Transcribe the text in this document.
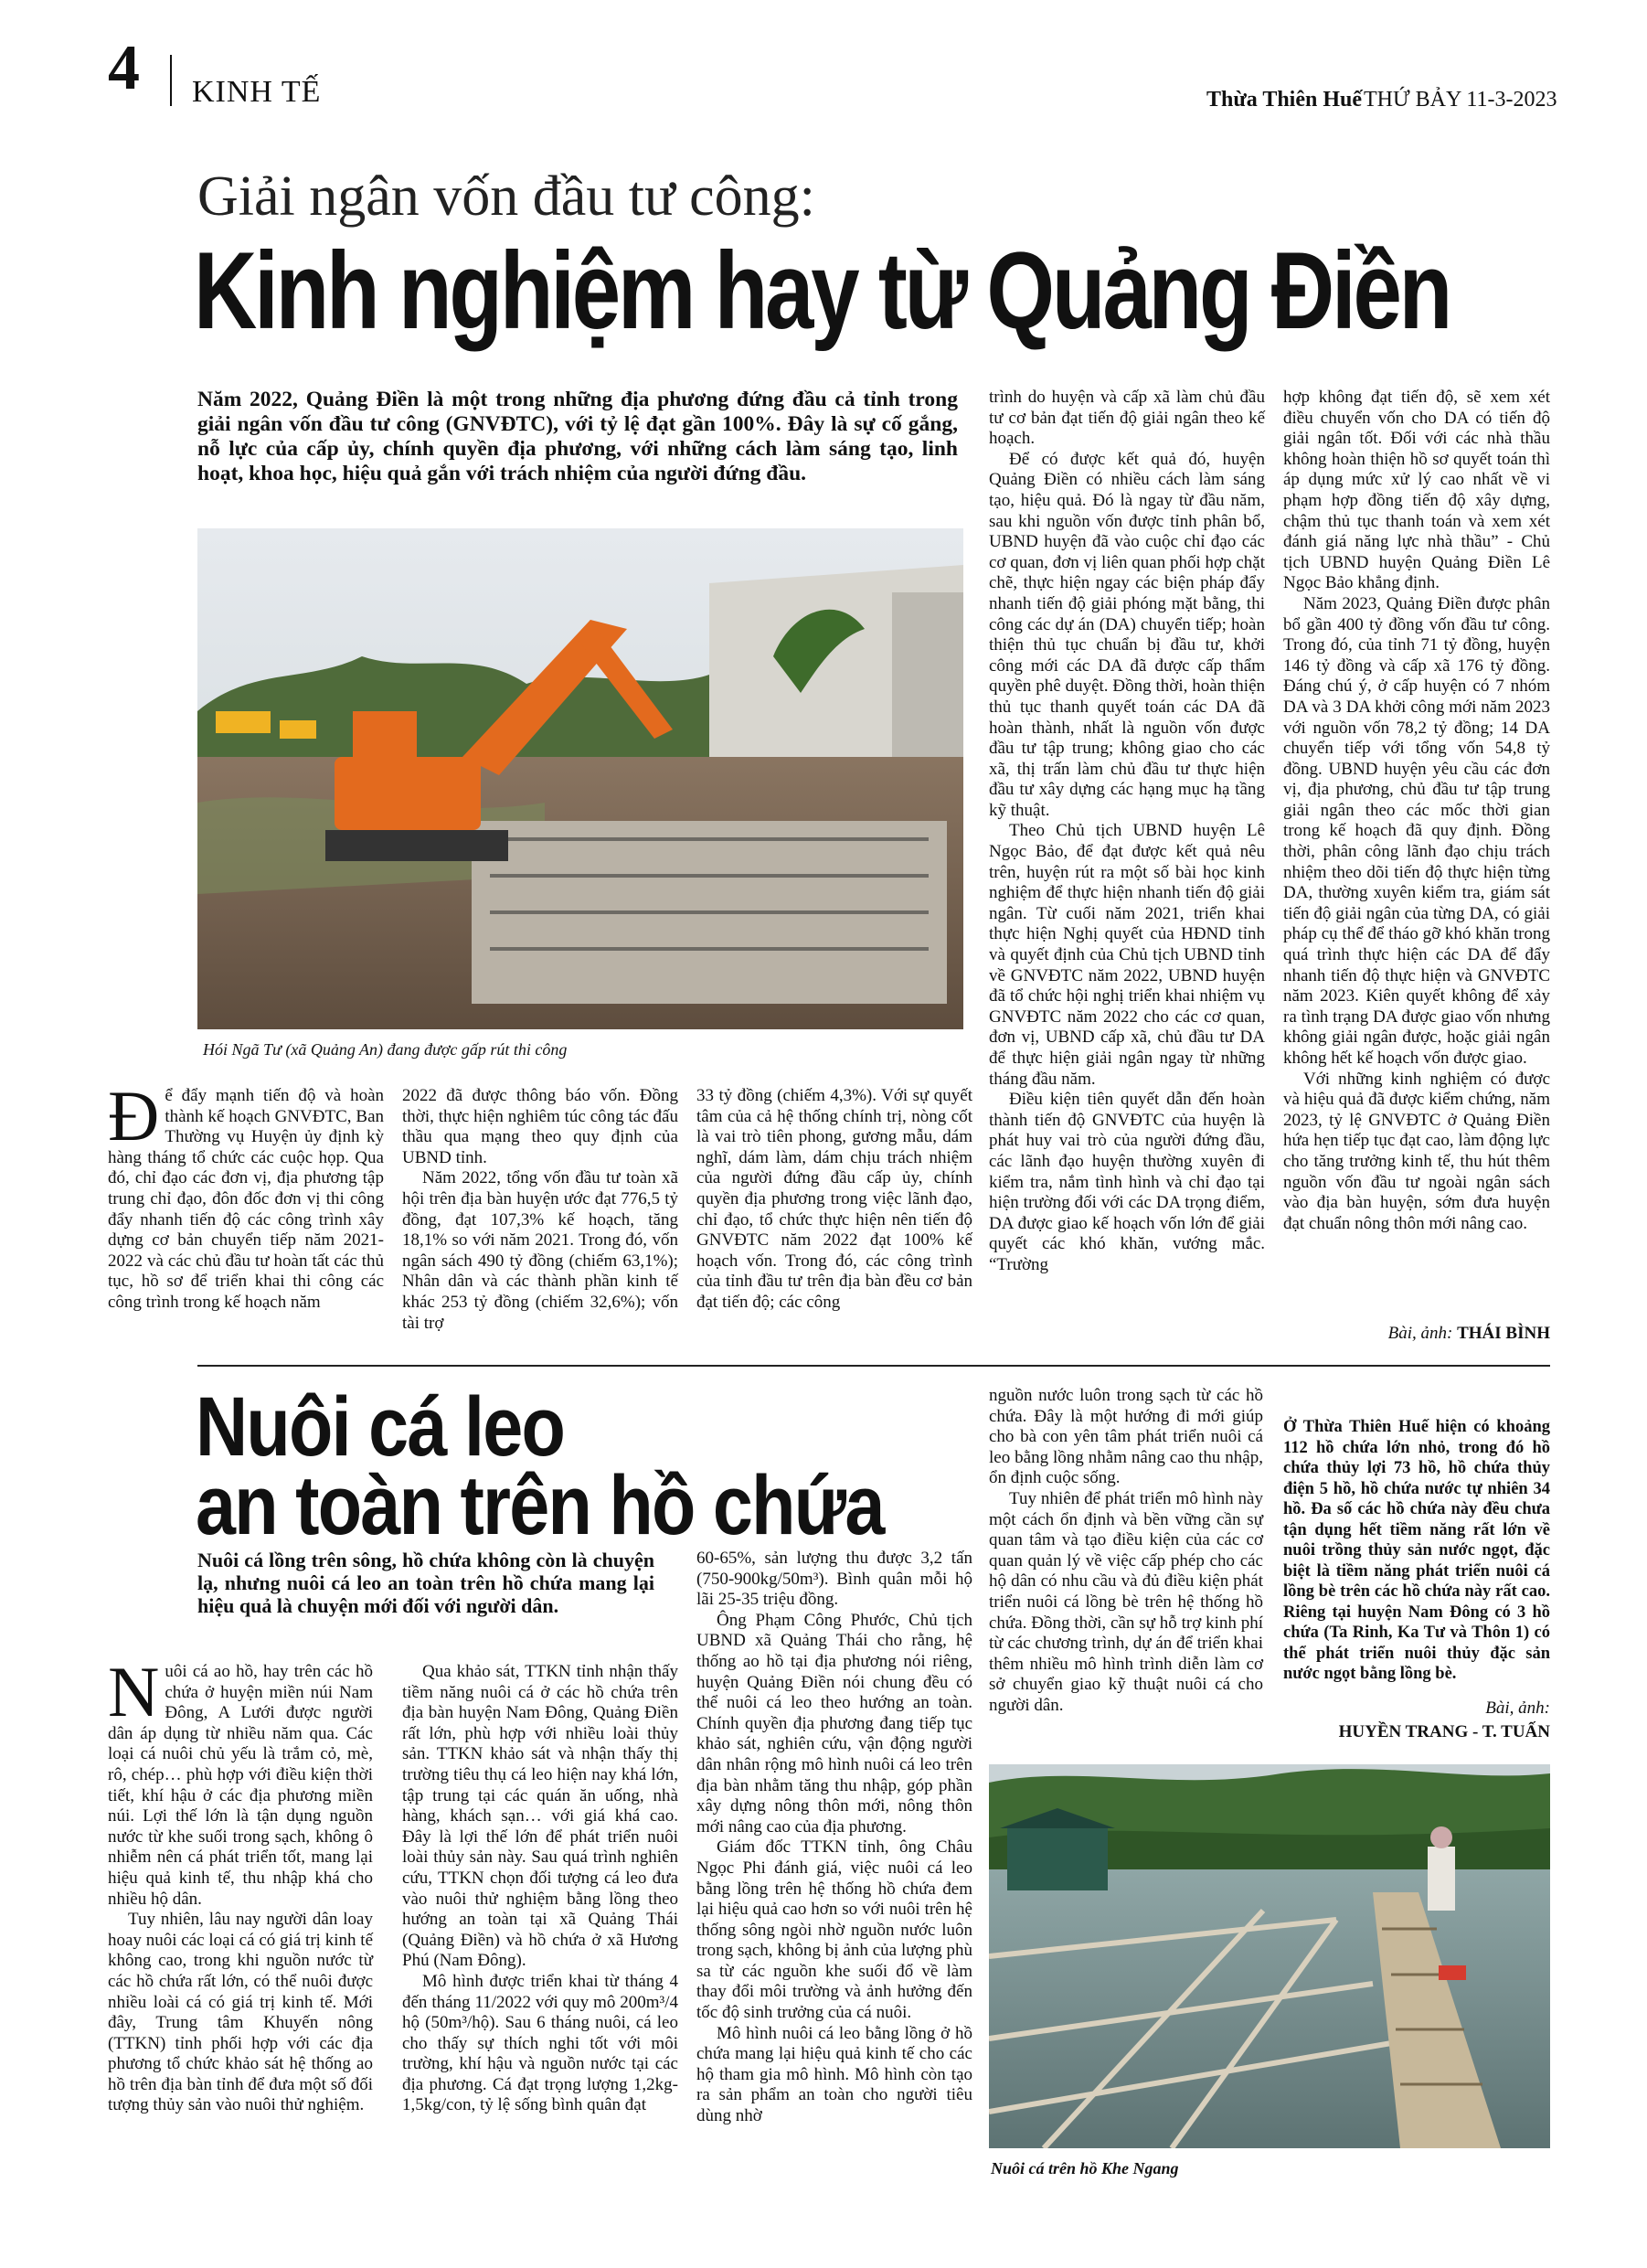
4 KINH TẾ	Thừa Thiên Huế THỨ BẢY 11-3-2023
Giải ngân vốn đầu tư công:
Kinh nghiệm hay từ Quảng Điền
Năm 2022, Quảng Điền là một trong những địa phương đứng đầu cả tỉnh trong giải ngân vốn đầu tư công (GNVĐTC), với tỷ lệ đạt gần 100%. Đây là sự cố gắng, nỗ lực của cấp ủy, chính quyền địa phương, với những cách làm sáng tạo, linh hoạt, khoa học, hiệu quả gắn với trách nhiệm của người đứng đầu.
Hói Ngã Tư (xã Quảng An) đang được gấp rút thi công

Để đẩy mạnh tiến độ và hoàn thành kế hoạch GNVĐTC, Ban Thường vụ Huyện ủy định kỳ hàng tháng tổ chức các cuộc họp. Qua đó, chỉ đạo các đơn vị, địa phương tập trung chỉ đạo, đôn đốc đơn vị thi công đẩy nhanh tiến độ các công trình xây dựng cơ bản chuyển tiếp năm 2021-2022 và các chủ đầu tư hoàn tất các thủ tục, hồ sơ để triển khai thi công các công trình trong kế hoạch năm

2022 đã được thông báo vốn. Đồng thời, thực hiện nghiêm túc công tác đấu thầu qua mạng theo quy định của UBND tỉnh.

Năm 2022, tổng vốn đầu tư toàn xã hội trên địa bàn huyện ước đạt 776,5 tỷ đồng, đạt 107,3% kế hoạch, tăng 18,1% so với năm 2021. Trong đó, vốn ngân sách 490 tỷ đồng (chiếm 63,1%); Nhân dân và các thành phần kinh tế khác 253 tỷ đồng (chiếm 32,6%); vốn tài trợ

33 tỷ đồng (chiếm 4,3%). Với sự quyết tâm của cả hệ thống chính trị, nòng cốt là vai trò tiên phong, gương mẫu, dám nghĩ, dám làm, dám chịu trách nhiệm của người đứng đầu cấp ủy, chính quyền địa phương trong việc lãnh đạo, chỉ đạo, tổ chức thực hiện nên tiến độ GNVĐTC năm 2022 đạt 100% kế hoạch vốn. Trong đó, các công trình của tỉnh đầu tư trên địa bàn đều cơ bản đạt tiến độ; các công

trình do huyện và cấp xã làm chủ đầu tư cơ bản đạt tiến độ giải ngân theo kế hoạch.

Để có được kết quả đó, huyện Quảng Điền có nhiều cách làm sáng tạo, hiệu quả. Đó là ngay từ đầu năm, sau khi nguồn vốn được tỉnh phân bổ, UBND huyện đã vào cuộc chỉ đạo các cơ quan, đơn vị liên quan phối hợp chặt chẽ, thực hiện ngay các biện pháp đẩy nhanh tiến độ giải phóng mặt bằng, thi công các dự án (DA) chuyển tiếp; hoàn thiện thủ tục chuẩn bị đầu tư, khởi công mới các DA đã được cấp thẩm quyền phê duyệt. Đồng thời, hoàn thiện thủ tục thanh quyết toán các DA đã hoàn thành, nhất là nguồn vốn được đầu tư tập trung; không giao cho các xã, thị trấn làm chủ đầu tư thực hiện đầu tư xây dựng các hạng mục hạ tầng kỹ thuật.

Theo Chủ tịch UBND huyện Lê Ngọc Bảo, để đạt được kết quả nêu trên, huyện rút ra một số bài học kinh nghiệm để thực hiện nhanh tiến độ giải ngân. Từ cuối năm 2021, triển khai thực hiện Nghị quyết của HĐND tỉnh và quyết định của Chủ tịch UBND tỉnh về GNVĐTC năm 2022, UBND huyện đã tổ chức hội nghị triển khai nhiệm vụ GNVĐTC năm 2022 cho các cơ quan, đơn vị, UBND cấp xã, chủ đầu tư DA để thực hiện giải ngân ngay từ những tháng đầu năm.

Điều kiện tiên quyết dẫn đến hoàn thành tiến độ GNVĐTC của huyện là phát huy vai trò của người đứng đầu, các lãnh đạo huyện thường xuyên đi kiểm tra, nắm tình hình và chỉ đạo tại hiện trường đối với các DA trọng điểm, DA được giao kế hoạch vốn lớn để giải quyết các khó khăn, vướng mắc. “Trường

hợp không đạt tiến độ, sẽ xem xét điều chuyển vốn cho DA có tiến độ giải ngân tốt. Đối với các nhà thầu không hoàn thiện hồ sơ quyết toán thì áp dụng mức xử lý cao nhất về vi phạm hợp đồng tiến độ xây dựng, chậm thủ tục thanh toán và xem xét đánh giá năng lực nhà thầu” - Chủ tịch UBND huyện Quảng Điền Lê Ngọc Bảo khẳng định.

Năm 2023, Quảng Điền được phân bổ gần 400 tỷ đồng vốn đầu tư công. Trong đó, của tỉnh 71 tỷ đồng, huyện 146 tỷ đồng và cấp xã 176 tỷ đồng. Đáng chú ý, ở cấp huyện có 7 nhóm DA và 3 DA khởi công mới năm 2023 với nguồn vốn 78,2 tỷ đồng; 14 DA chuyển tiếp với tổng vốn 54,8 tỷ đồng. UBND huyện yêu cầu các đơn vị, địa phương, chủ đầu tư tập trung giải ngân theo các mốc thời gian trong kế hoạch đã quy định. Đồng thời, phân công lãnh đạo chịu trách nhiệm theo dõi tiến độ thực hiện từng DA, thường xuyên kiểm tra, giám sát tiến độ giải ngân của từng DA, có giải pháp cụ thể để tháo gỡ khó khăn trong quá trình thực hiện các DA để đẩy nhanh tiến độ thực hiện và GNVĐTC năm 2023. Kiên quyết không để xảy ra tình trạng DA được giao vốn nhưng không giải ngân được, hoặc giải ngân không hết kế hoạch vốn được giao.

Với những kinh nghiệm có được và hiệu quả đã được kiểm chứng, năm 2023, tỷ lệ GNVĐTC ở Quảng Điền hứa hẹn tiếp tục đạt cao, làm động lực cho tăng trưởng kinh tế, thu hút thêm nguồn vốn đầu tư ngoài ngân sách vào địa bàn huyện, sớm đưa huyện đạt chuẩn nông thôn mới nâng cao.

Bài, ảnh: THÁI BÌNH
Nuôi cá leo
an toàn trên hồ chứa
Nuôi cá lồng trên sông, hồ chứa không còn là chuyện lạ, nhưng nuôi cá leo an toàn trên hồ chứa mang lại hiệu quả là chuyện mới đối với người dân.

Nuôi cá ao hồ, hay trên các hồ chứa ở huyện miền núi Nam Đông, A Lưới được người dân áp dụng từ nhiều năm qua. Các loại cá nuôi chủ yếu là trắm cỏ, mè, rô, chép… phù hợp với điều kiện thời tiết, khí hậu ở các địa phương miền núi. Lợi thế lớn là tận dụng nguồn nước từ khe suối trong sạch, không ô nhiễm nên cá phát triển tốt, mang lại hiệu quả kinh tế, thu nhập khá cho nhiều hộ dân.

Tuy nhiên, lâu nay người dân loay hoay nuôi các loại cá có giá trị kinh tế không cao, trong khi nguồn nước từ các hồ chứa rất lớn, có thể nuôi được nhiều loài cá có giá trị kinh tế. Mới đây, Trung tâm Khuyến nông (TTKN) tỉnh phối hợp với các địa phương tổ chức khảo sát hệ thống ao hồ trên địa bàn tỉnh để đưa một số đối tượng thủy sản vào nuôi thử nghiệm.

Qua khảo sát, TTKN tỉnh nhận thấy tiềm năng nuôi cá ở các hồ chứa trên địa bàn huyện Nam Đông, Quảng Điền rất lớn, phù hợp với nhiều loài thủy sản. TTKN khảo sát và nhận thấy thị trường tiêu thụ cá leo hiện nay khá lớn, tập trung tại các quán ăn uống, nhà hàng, khách sạn… với giá khá cao. Đây là lợi thế lớn để phát triển nuôi loài thủy sản này. Sau quá trình nghiên cứu, TTKN chọn đối tượng cá leo đưa vào nuôi thử nghiệm bằng lồng theo hướng an toàn tại xã Quảng Thái (Quảng Điền) và hồ chứa ở xã Hương Phú (Nam Đông).

Mô hình được triển khai từ tháng 4 đến tháng 11/2022 với quy mô 200m³/4 hộ (50m³/hộ). Sau 6 tháng nuôi, cá leo cho thấy sự thích nghi tốt với môi trường, khí hậu và nguồn nước tại các địa phương. Cá đạt trọng lượng 1,2kg-1,5kg/con, tỷ lệ sống bình quân đạt

60-65%, sản lượng thu được 3,2 tấn (750-900kg/50m³). Bình quân mỗi hộ lãi 25-35 triệu đồng.

Ông Phạm Công Phước, Chủ tịch UBND xã Quảng Thái cho rằng, hệ thống ao hồ tại địa phương nói riêng, huyện Quảng Điền nói chung đều có thể nuôi cá leo theo hướng an toàn. Chính quyền địa phương đang tiếp tục khảo sát, nghiên cứu, vận động người dân nhân rộng mô hình nuôi cá leo trên địa bàn nhằm tăng thu nhập, góp phần xây dựng nông thôn mới, nông thôn mới nâng cao của địa phương.

Giám đốc TTKN tỉnh, ông Châu Ngọc Phi đánh giá, việc nuôi cá leo bằng lồng trên hệ thống hồ chứa đem lại hiệu quả cao hơn so với nuôi trên hệ thống sông ngòi nhờ nguồn nước luôn trong sạch, không bị ảnh của lượng phù sa từ các nguồn khe suối đổ về làm thay đổi môi trường và ảnh hưởng đến tốc độ sinh trưởng của cá nuôi.

Mô hình nuôi cá leo bằng lồng ở hồ chứa mang lại hiệu quả kinh tế cho các hộ tham gia mô hình. Mô hình còn tạo ra sản phẩm an toàn cho người tiêu dùng nhờ

nguồn nước luôn trong sạch từ các hồ chứa. Đây là một hướng đi mới giúp cho bà con yên tâm phát triển nuôi cá leo bằng lồng nhằm nâng cao thu nhập, ổn định cuộc sống.

Tuy nhiên để phát triển mô hình này một cách ổn định và bền vững cần sự quan tâm và tạo điều kiện của các cơ quan quản lý về việc cấp phép cho các hộ dân có nhu cầu và đủ điều kiện phát triển nuôi cá lồng bè trên hệ thống hồ chứa. Đồng thời, cần sự hỗ trợ kinh phí từ các chương trình, dự án để triển khai thêm nhiều mô hình trình diễn làm cơ sở chuyển giao kỹ thuật nuôi cá cho người dân.

Ở Thừa Thiên Huế hiện có khoảng 112 hồ chứa lớn nhỏ, trong đó hồ chứa thủy lợi 73 hồ, hồ chứa thủy điện 5 hồ, hồ chứa nước tự nhiên 34 hồ. Đa số các hồ chứa này đều chưa tận dụng hết tiềm năng rất lớn về nuôi trồng thủy sản nước ngọt, đặc biệt là tiềm năng phát triển nuôi cá lồng bè trên các hồ chứa này rất cao. Riêng tại huyện Nam Đông có 3 hồ chứa (Ta Rinh, Ka Tư và Thôn 1) có thể phát triển nuôi thủy đặc sản nước ngọt bằng lồng bè.
Bài, ảnh:
HUYỀN TRANG - T. TUẤN
Nuôi cá trên hồ Khe Ngang
